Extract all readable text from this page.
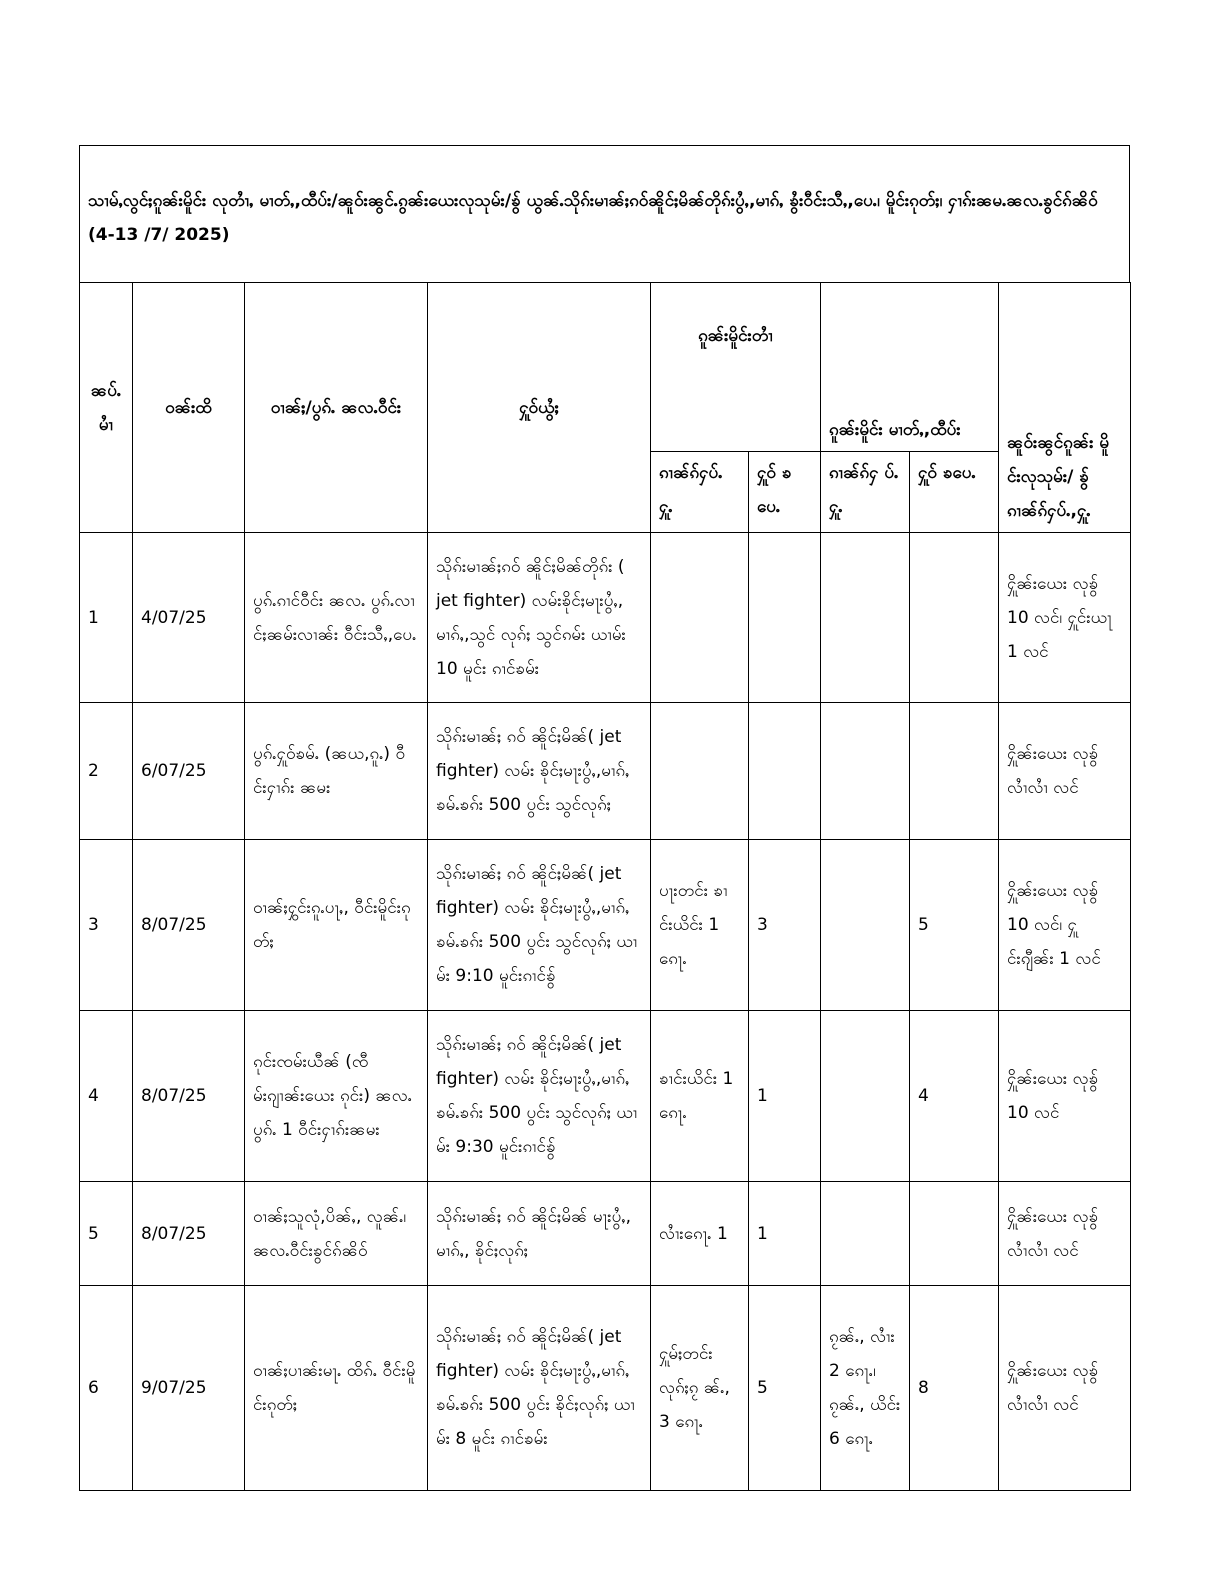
သၢမ်ႇလွင်ႈၵူၼ်းမိူင်း လုတၢႆႇ မၢတ်ႇ,ထီပ်း/ၼူဝ်းၼွင်ႉၵွၼ်းယေးလုသုမ်း/ၶွ် ယွၼ်ႉသိုၵ်းမၢၼ်ႈၵဝ်ၼိူင်ႈမိၼ်တိုၵ်းပွႆႇ,မၢၵ်ႇ ၶွႆးဝီင်းသီႇ,ပေႉ၊ မိူင်းၵုတ်ႈ၊ ႁၢၵ်းၼမႉၼလႉၶွင်ၵ်ၼိဝ် (4-13 /7/ 2025)
ၼပ်ႉ မၢႆ	ဝၼ်းထိ	ဝၢၼ်ႈ/ပွၵ်ႉ ၼလႉဝီင်း	ႁူဝ်ယွႆႈ	ၵူၼ်းမိူင်းတၢႆ		ၵူၼ်းမိူင်း မၢတ်ႇ,ထီပ်း		ၼူဝ်းၼွင်ၵူၼ်း မိူင်းလုသုမ်း/ ၶွ် ၵၢၼ်ၵ်ႁပ်ႉ,ႁူႉ
				ၵၢၼ်ၵ်ႁပ်ႉ ႁူႉ	ႁူဝ် ၶပေႉ	ၵၢၼ်ၵ်ႁ ပ်ႉ ႁူႉ	ႁူဝ် ၶပေႉ	
1	4/07/25	ပွၵ်ႉၵၢင်ဝီင်း ၼလႉ ပွၵ်ႉလၢင်ႈၼမ်းလၢၼ်း ဝီင်းသီႇ,ပေႉ	သိုၵ်းမၢၼ်ႈၵဝ် ၼိူင်ႈမိၼ်တိုၵ်း ( jet fighter) လမ်းၶိုင်ႈမႃးပွႆႇ, မၢၵ်ႇ,သွင် လုၵ်ႈ သွင်ၵမ်း ယၢမ်း 10 မူင်း ၵၢင်ၶမ်း					ႁိူၼ်းယေး လုၶွ် 10 လင်၊ ႁူင်းယႃ 1 လင်
2	6/07/25	ပွၵ်ႉႁူဝ်ၶမ်ႉ (ၼယ,ၵူႉ) ဝီင်းႁၢၵ်း ၼမး	သိုၵ်းမၢၼ်ႈ ၵဝ် ၼိူင်ႈမိၼ်( jet fighter) လမ်း ၶိုင်ႈမႃးပွႆႇ,မၢၵ်ႇ ၶမ်ႉၶၵ်း 500 ပွင်း သွင်လုၵ်ႈ					ႁိူၼ်းယေး လုၶွ် လၢႆလၢႆ လင်
3	8/07/25	ဝၢၼ်ႈႁွင်းၵူႉပႃႇ, ဝီင်းမိူင်းၵုတ်ႈ	သိုၵ်းမၢၼ်ႈ ၵဝ် ၼိူင်ႈမိၼ်( jet fighter) လမ်း ၶိုင်ႈမႃးပွႆႇ,မၢၵ်ႇ ၶမ်ႉၶၵ်း 500 ပွင်း သွင်လုၵ်ႈ ယၢမ်း 9:10 မူင်းၵၢင်ၶွ်	ပႃးတင်း ၶၢင်းယိင်း 1 ၵေႃႉ	3		5	ႁိူၼ်းယေး လုၶွ် 10 လင်၊ ႁူင်းၵျီၼ်း 1 လင်
4	8/07/25	ၵုင်းၸမ်းယီၼ် (ၸီမ်းၵျၢၼ်းယေး ၵုင်း) ၼလႉပွၵ်ႉ 1 ဝီင်းႁၢၵ်းၼမး	သိုၵ်းမၢၼ်ႈ ၵဝ် ၼိူင်ႈမိၼ်( jet fighter) လမ်း ၶိုင်ႈမႃးပွႆႇ,မၢၵ်ႇ ၶမ်ႉၶၵ်း 500 ပွင်း သွင်လုၵ်ႈ ယၢမ်း 9:30 မူင်းၵၢင်ၶွ်	ၶၢင်းယိင်း 1 ၵေႃႉ	1		4	ႁိူၼ်းယေး လုၶွ် 10 လင်
5	8/07/25	ဝၢၼ်ႈသူလုံ,ပိၼ်ႇ, လူၼ်ႉ၊ ၼလႉဝီင်းၶွင်ၵ်ၼိဝ်	သိုၵ်းမၢၼ်ႈ ၵဝ် ၼိူင်ႈမိၼ် မႃးပွႆႇ, မၢၵ်ႇ, ၶိုင်ႈလုၵ်ႈ	လၢႆးၵေႃႉ 1	1			ႁိူၼ်းယေး လုၶွ် လၢႆလၢႆ လင်
6	9/07/25	ဝၢၼ်ႈပၢၼ်းမႃႉ ထိၵ်ႉ ဝီင်းမိူင်းၵုတ်ႈ	သိုၵ်းမၢၼ်ႈ ၵဝ် ၼိူင်ႈမိၼ်( jet fighter) လမ်း ၶိုင်ႈမႃးပွႆႇ,မၢၵ်ႇ ၶမ်ႉၶၵ်း 500 ပွင်း ၶိုင်ႈလုၵ်ႈ ယၢမ်း 8 မူင်း ၵၢင်ၶမ်း	ႁူမ်ႈတင်း လုၵ်ႈၵႂ ၼ်ႉ, 3 ၵေႃႉ	5	ၵႂၼ်ႉ, လၢႆး 2 ၵေႃႉ၊ ၵႂၼ်ႉ, ယိင်း 6 ၵေႃႉ	8	ႁိူၼ်းယေး လုၶွ် လၢႆလၢႆ လင်
